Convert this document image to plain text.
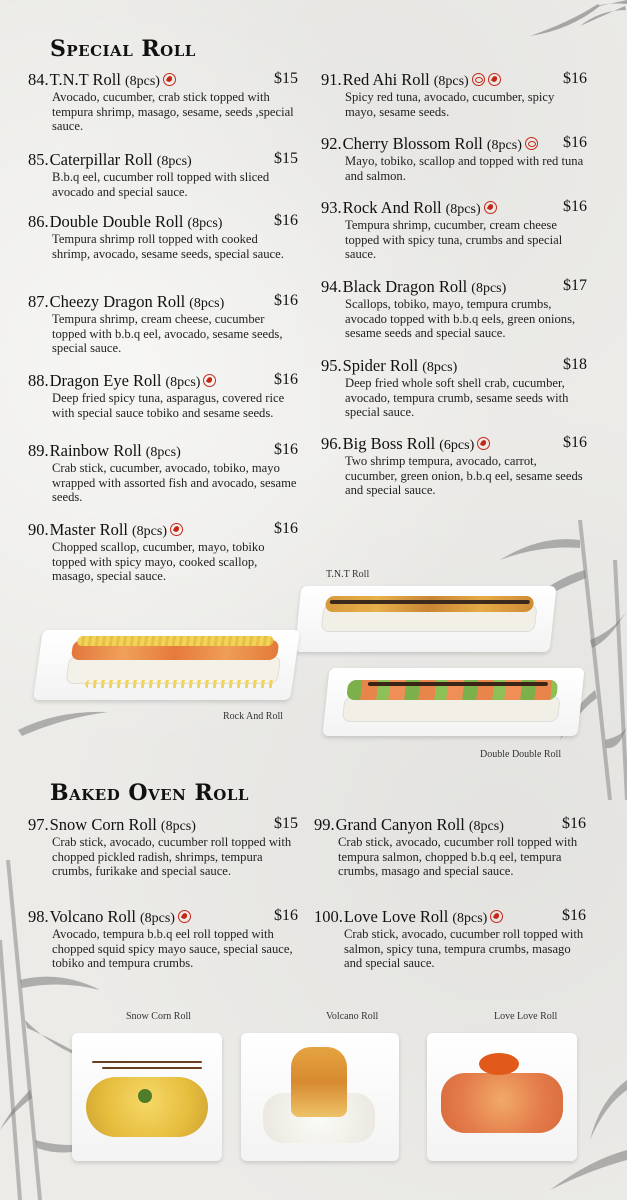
Special Roll
Baked Oven Roll
84. T.N.T Roll (8pcs)	$15
Avocado, cucumber, crab stick topped with tempura shrimp, masago, sesame, seeds ,special sauce.
85. Caterpillar Roll (8pcs)	$15
B.b.q eel, cucumber roll topped with sliced avocado and special sauce.
86. Double Double Roll (8pcs)	$16
Tempura shrimp roll topped with cooked shrimp, avocado, sesame seeds, special sauce.
87. Cheezy Dragon Roll (8pcs)	$16
Tempura shrimp, cream cheese, cucumber topped with b.b.q eel, avocado, sesame seeds, special sauce.
88. Dragon Eye Roll (8pcs)	$16
Deep fried spicy tuna, asparagus, covered rice with special sauce tobiko and sesame seeds.
89. Rainbow Roll (8pcs)	$16
Crab stick, cucumber, avocado, tobiko, mayo wrapped with assorted fish and avocado, sesame seeds.
90. Master Roll (8pcs)	$16
Chopped scallop, cucumber, mayo, tobiko topped with spicy mayo, cooked scallop, masago, special sauce.
91. Red Ahi Roll (8pcs)	$16
Spicy red tuna, avocado, cucumber, spicy mayo, sesame seeds.
92. Cherry Blossom Roll (8pcs)	$16
Mayo, tobiko, scallop and topped with red tuna and salmon.
93. Rock And Roll (8pcs)	$16
Tempura shrimp, cucumber, cream cheese topped with spicy tuna, crumbs and special sauce.
94. Black Dragon Roll (8pcs)	$17
Scallops, tobiko, mayo, tempura crumbs, avocado topped with b.b.q eels, green onions, sesame seeds and special sauce.
95. Spider Roll (8pcs)	$18
Deep fried whole soft shell crab, cucumber, avocado, tempura crumb, sesame seeds with special sauce.
96. Big Boss Roll (6pcs)	$16
Two shrimp tempura, avocado, carrot, cucumber, green onion, b.b.q eel, sesame seeds and special sauce.
97. Snow Corn Roll (8pcs)	$15
Crab stick, avocado, cucumber roll topped with chopped pickled radish, shrimps, tempura crumbs, furikake and special sauce.
98. Volcano Roll (8pcs)	$16
Avocado, tempura b.b.q eel roll topped with chopped squid spicy mayo sauce, special sauce, tobiko and tempura crumbs.
99. Grand Canyon Roll (8pcs)	$16
Crab stick, avocado, cucumber roll topped with tempura salmon, chopped b.b.q eel, tempura crumbs, masago and special sauce.
100. Love Love Roll (8pcs)	$16
Crab stick, avocado, cucumber roll topped with salmon, spicy tuna, tempura crumbs, masago and special sauce.
T.N.T Roll
Rock And Roll
Double Double Roll
Snow Corn Roll	Volcano Roll	Love Love Roll
